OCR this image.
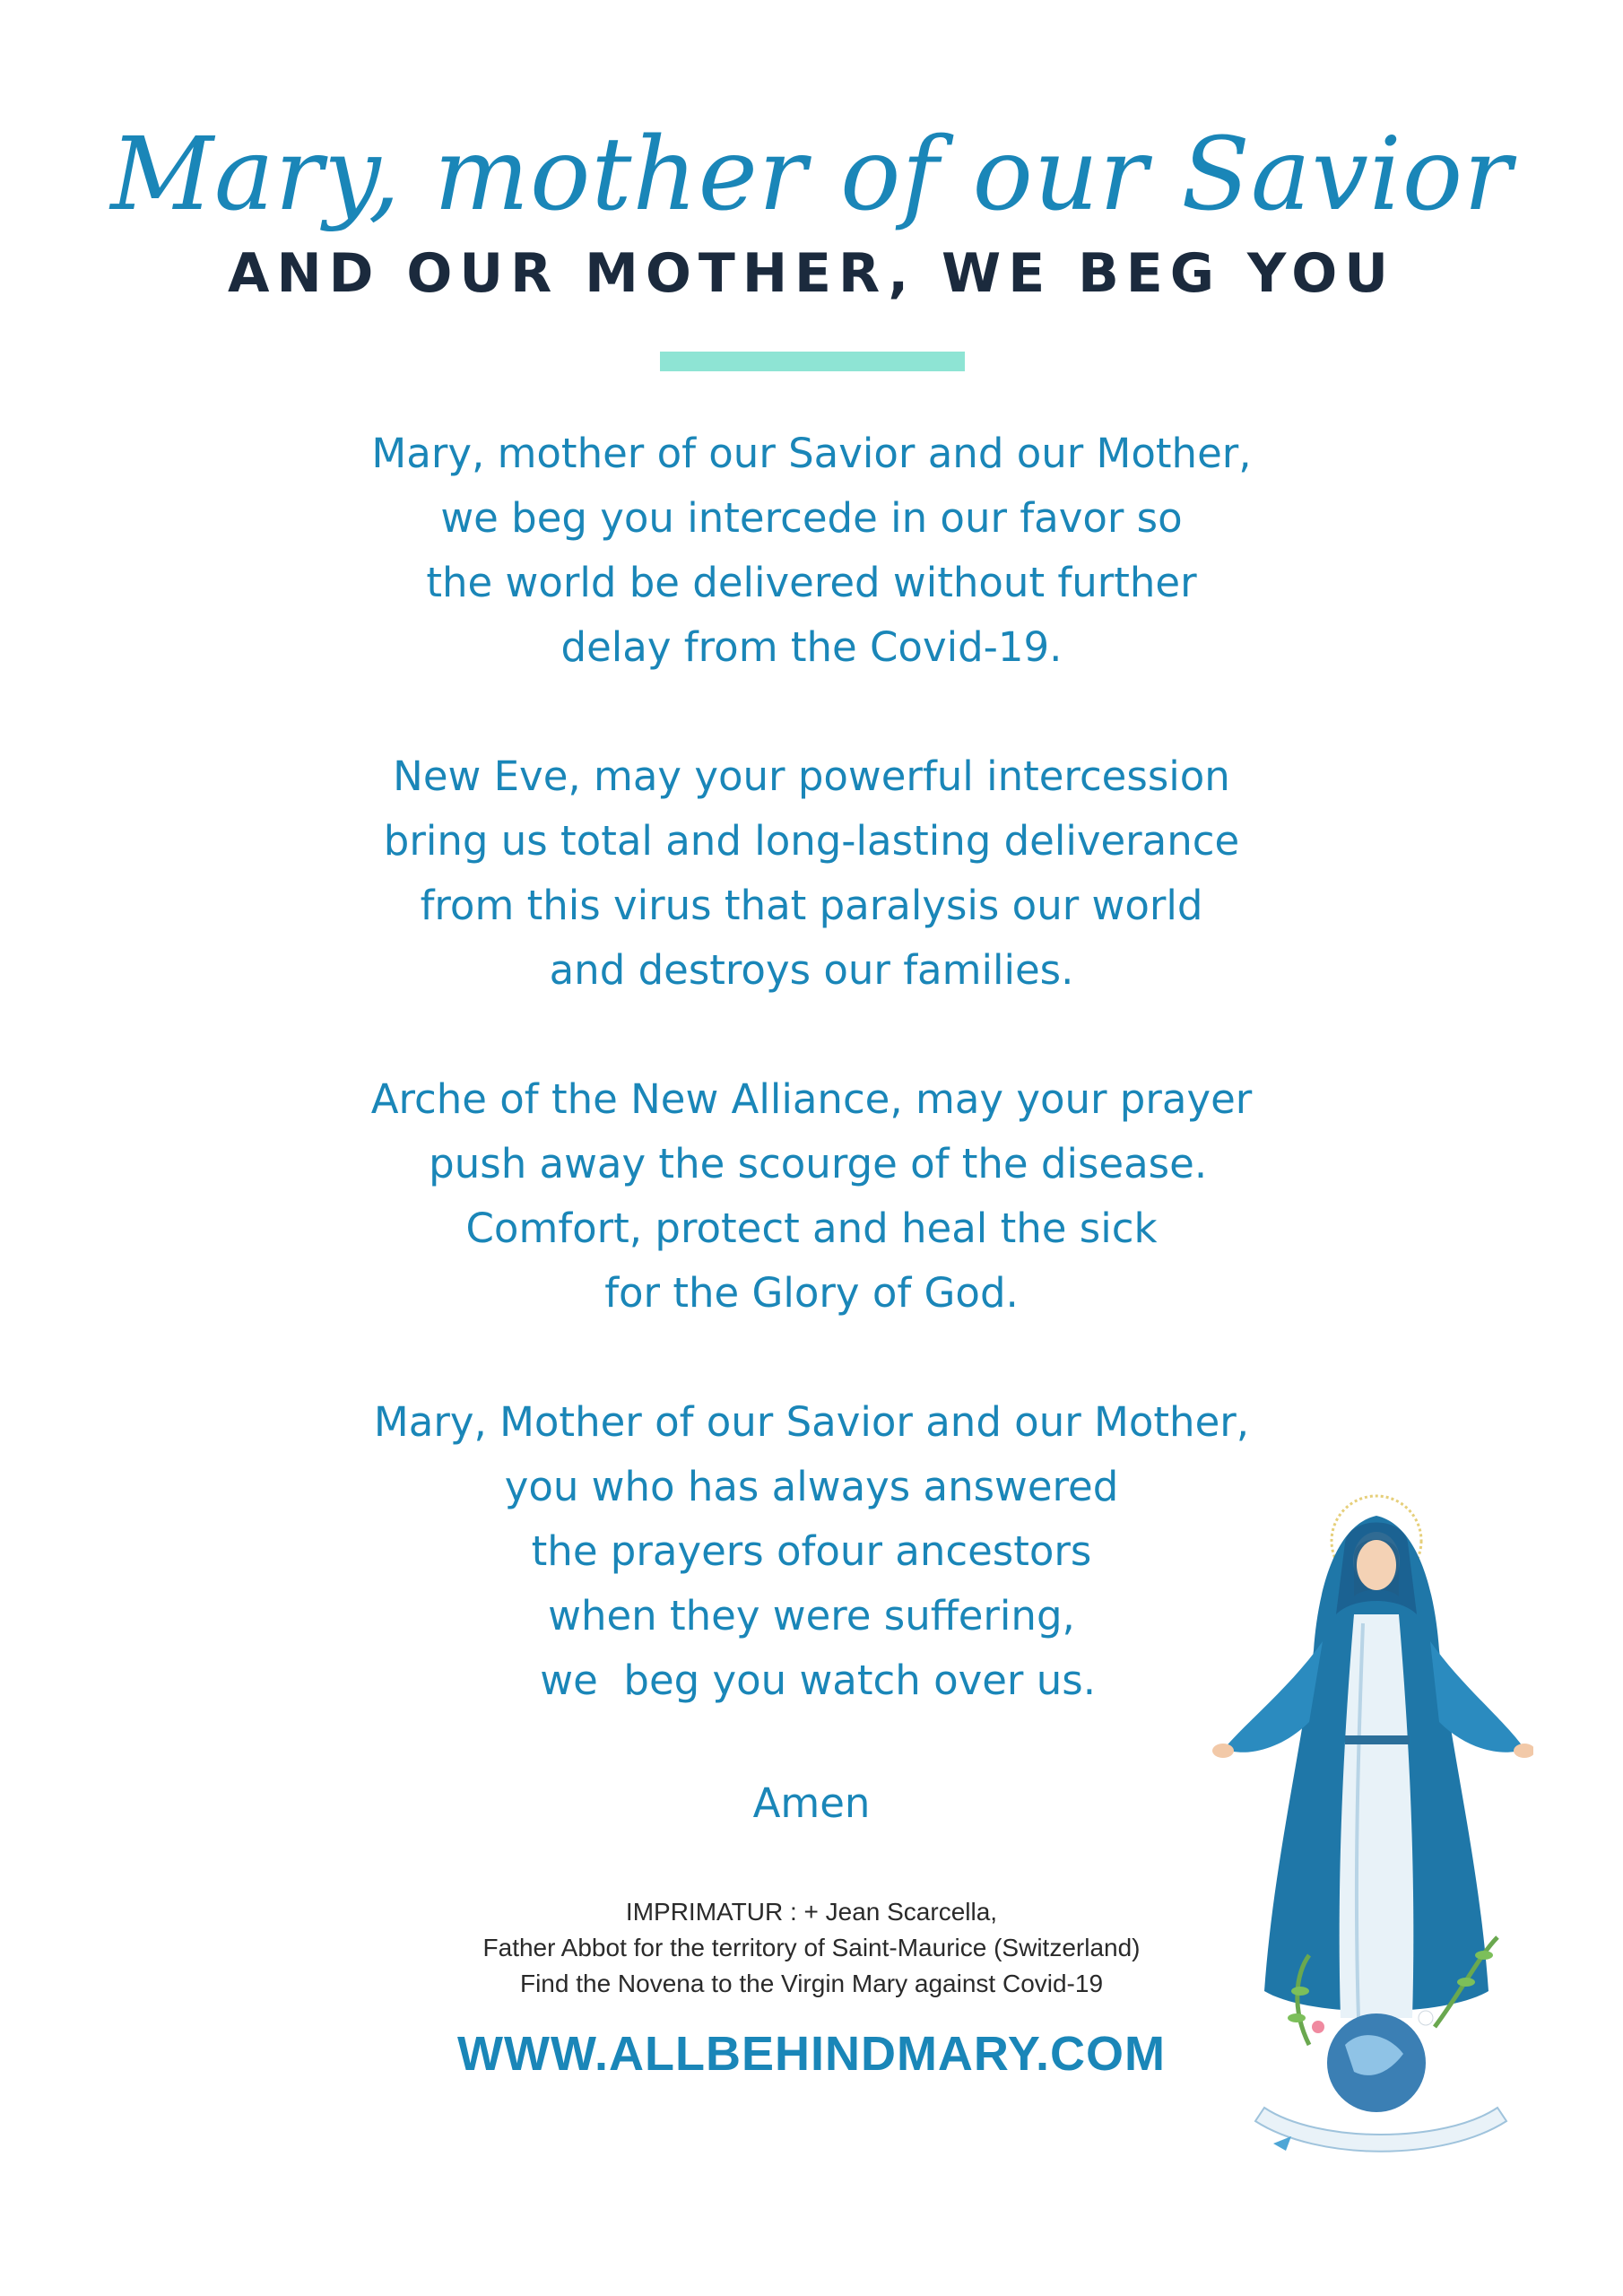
Mary, mother of our Savior
AND OUR MOTHER, WE BEG YOU
Mary, mother of our Savior and our Mother,
we beg you intercede in our favor so
the world be delivered without further
delay from the Covid-19.
New Eve, may your powerful intercession
bring us total and long-lasting deliverance
from this virus that paralysis our world
and destroys our families.
Arche of the New Alliance, may your prayer
push away the scourge of the disease.
Comfort, protect and heal the sick
for the Glory of God.
Mary, Mother of our Savior and our Mother,
you who has always answered
the prayers ofour ancestors
when they were suffering,
we  beg you watch over us.
Amen
IMPRIMATUR : + Jean Scarcella,
Father Abbot for the territory of Saint-Maurice (Switzerland)
Find the Novena to the Virgin Mary against Covid-19
WWW.ALLBEHINDMARY.COM
